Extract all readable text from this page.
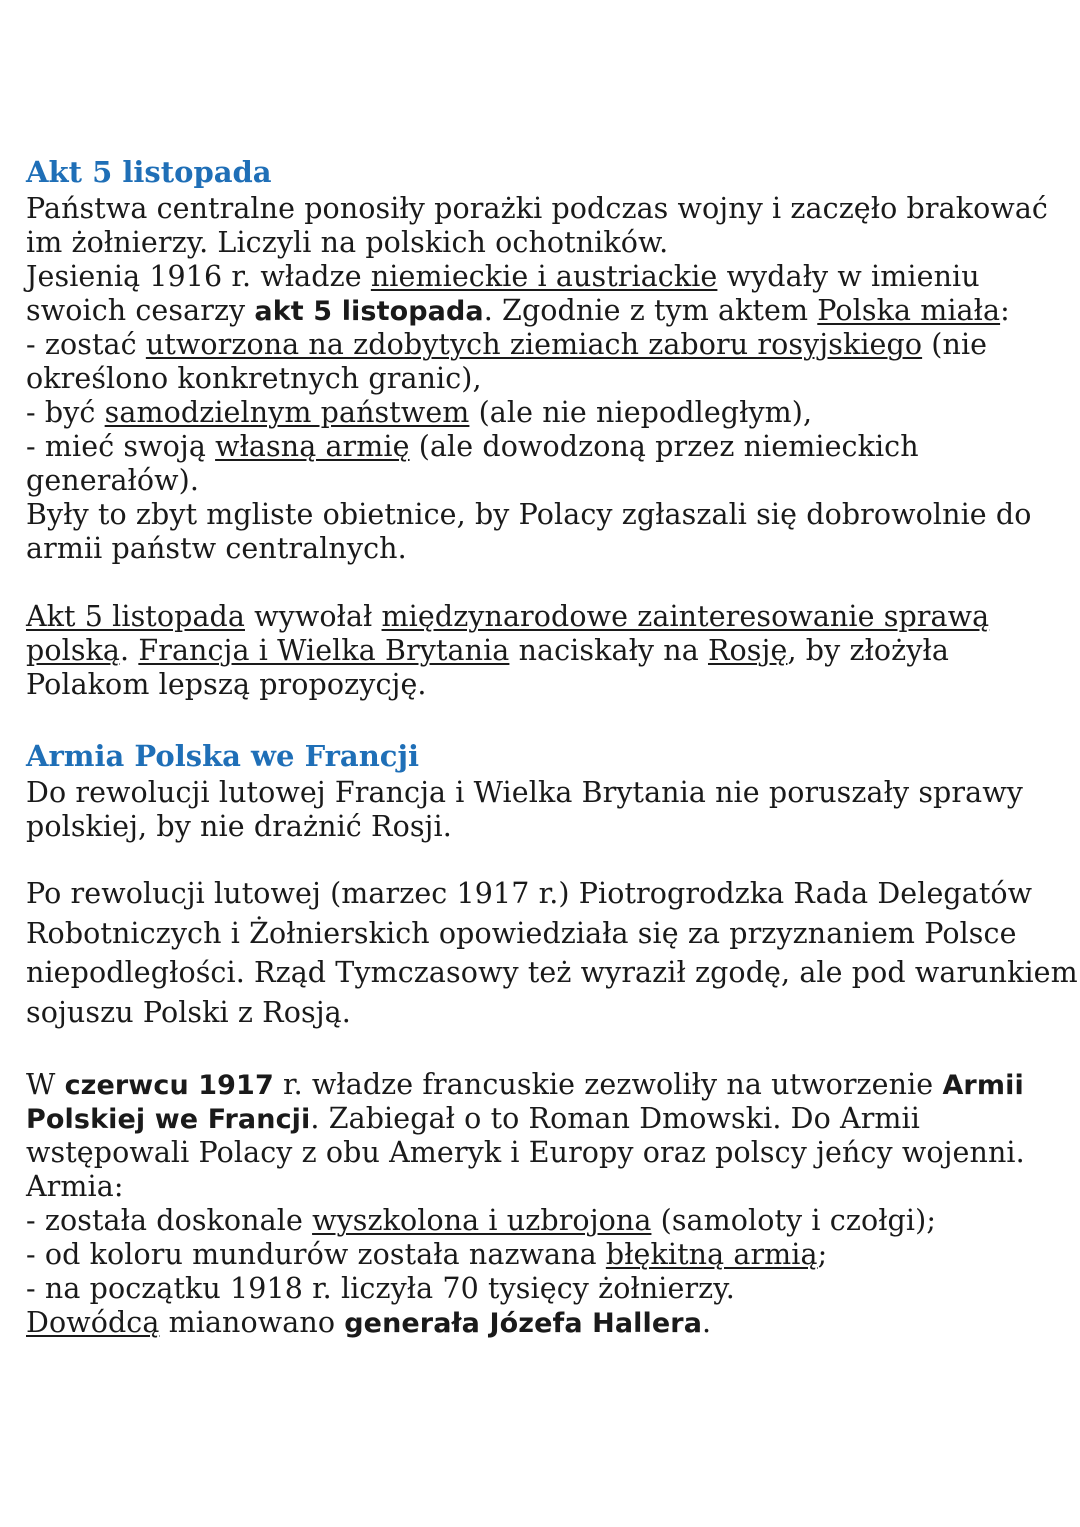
Akt 5 listopada
Państwa centralne ponosiły porażki podczas wojny i zaczęło brakować
im żołnierzy. Liczyli na polskich ochotników.
Jesienią 1916 r. władze niemieckie i austriackie wydały w imieniu
swoich cesarzy akt 5 listopada. Zgodnie z tym aktem Polska miała:
- zostać utworzona na zdobytych ziemiach zaboru rosyjskiego (nie
określono konkretnych granic),
- być samodzielnym państwem (ale nie niepodległym),
- mieć swoją własną armię (ale dowodzoną przez niemieckich
generałów).
Były to zbyt mgliste obietnice, by Polacy zgłaszali się dobrowolnie do
armii państw centralnych.
Akt 5 listopada wywołał międzynarodowe zainteresowanie sprawą
polską. Francja i Wielka Brytania naciskały na Rosję, by złożyła
Polakom lepszą propozycję.
Armia Polska we Francji
Do rewolucji lutowej Francja i Wielka Brytania nie poruszały sprawy
polskiej, by nie drażnić Rosji.
Po rewolucji lutowej (marzec 1917 r.) Piotrogrodzka Rada Delegatów
Robotniczych i Żołnierskich opowiedziała się za przyznaniem Polsce
niepodległości. Rząd Tymczasowy też wyraził zgodę, ale pod warunkiem
sojuszu Polski z Rosją.
W czerwcu 1917 r. władze francuskie zezwoliły na utworzenie Armii
Polskiej we Francji. Zabiegał o to Roman Dmowski. Do Armii
wstępowali Polacy z obu Ameryk i Europy oraz polscy jeńcy wojenni.
Armia:
- została doskonale wyszkolona i uzbrojona (samoloty i czołgi);
- od koloru mundurów została nazwana błękitną armią;
- na początku 1918 r. liczyła 70 tysięcy żołnierzy.
Dowódcą mianowano generała Józefa Hallera.
